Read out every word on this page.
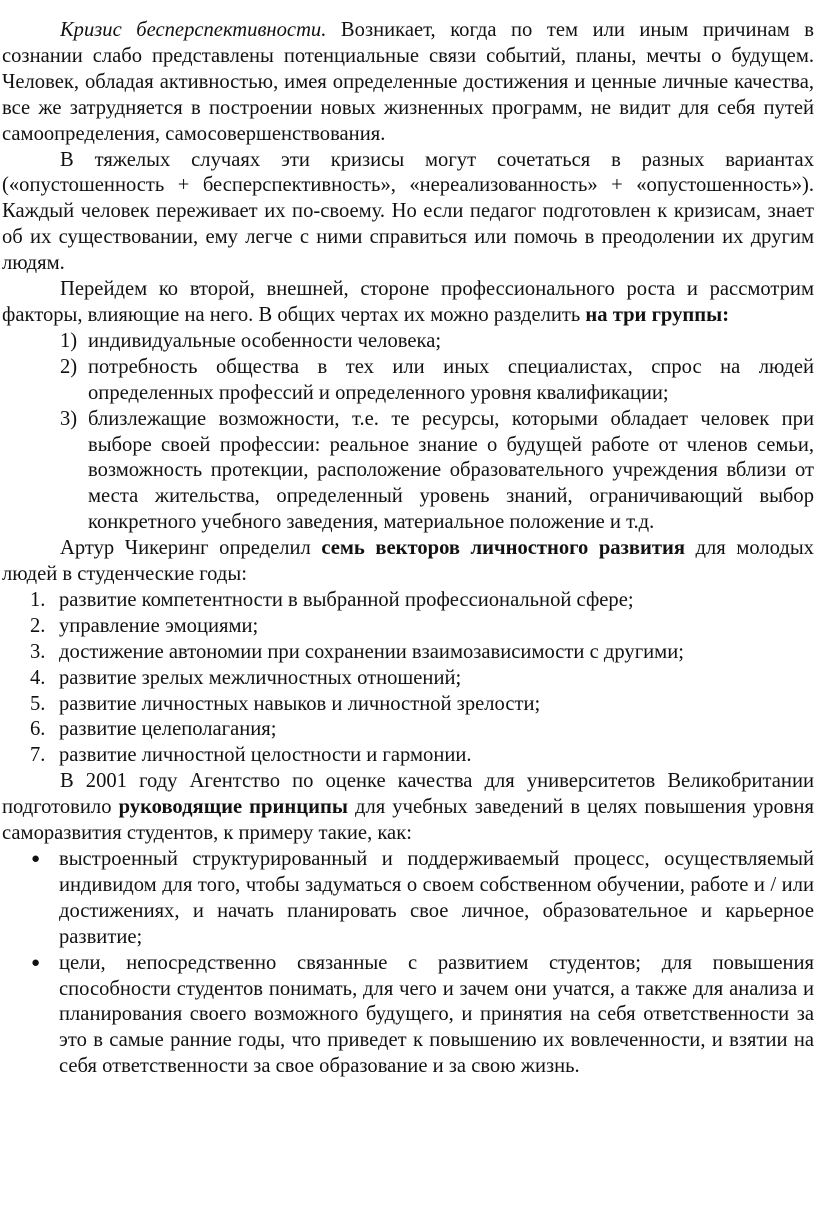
Кризис бесперспективности. Возникает, когда по тем или иным причинам в сознании слабо представлены потенциальные связи событий, планы, мечты о будущем. Человек, обладая активностью, имея определенные достижения и ценные личные качества, все же затрудняется в построении новых жизненных программ, не видит для себя путей самоопределения, самосовершенствования.

В тяжелых случаях эти кризисы могут сочетаться в разных вариантах («опустошенность + бесперспективность», «нереализованность» + «опустошенность»). Каждый человек переживает их по-своему. Но если педагог подготовлен к кризисам, знает об их существовании, ему легче с ними справиться или помочь в преодолении их другим людям.

Перейдем ко второй, внешней, стороне профессионального роста и рассмотрим факторы, влияющие на него. В общих чертах их можно разделить на три группы:

1) индивидуальные особенности человека;
2) потребность общества в тех или иных специалистах, спрос на людей определенных профессий и определенного уровня квалификации;
3) близлежащие возможности, т.е. те ресурсы, которыми обладает человек при выборе своей профессии: реальное знание о будущей работе от членов семьи, возможность протекции, расположение образовательного учреждения вблизи от места жительства, определенный уровень знаний, ограничивающий выбор конкретного учебного заведения, материальное положение и т.д.

Артур Чикеринг определил семь векторов личностного развития для молодых людей в студенческие годы:

1. развитие компетентности в выбранной профессиональной сфере;
2. управление эмоциями;
3. достижение автономии при сохранении взаимозависимости с другими;
4. развитие зрелых межличностных отношений;
5. развитие личностных навыков и личностной зрелости;
6. развитие целеполагания;
7. развитие личностной целостности и гармонии.

В 2001 году Агентство по оценке качества для университетов Великобритании подготовило руководящие принципы для учебных заведений в целях повышения уровня саморазвития студентов, к примеру такие, как:

● выстроенный структурированный и поддерживаемый процесс, осуществляемый индивидом для того, чтобы задуматься о своем собственном обучении, работе и / или достижениях, и начать планировать свое личное, образовательное и карьерное развитие;
● цели, непосредственно связанные с развитием студентов; для повышения способности студентов понимать, для чего и зачем они учатся, а также для анализа и планирования своего возможного будущего, и принятия на себя ответственности за это в самые ранние годы, что приведет к повышению их вовлеченности, и взятии на себя ответственности за свое образование и за свою жизнь.
